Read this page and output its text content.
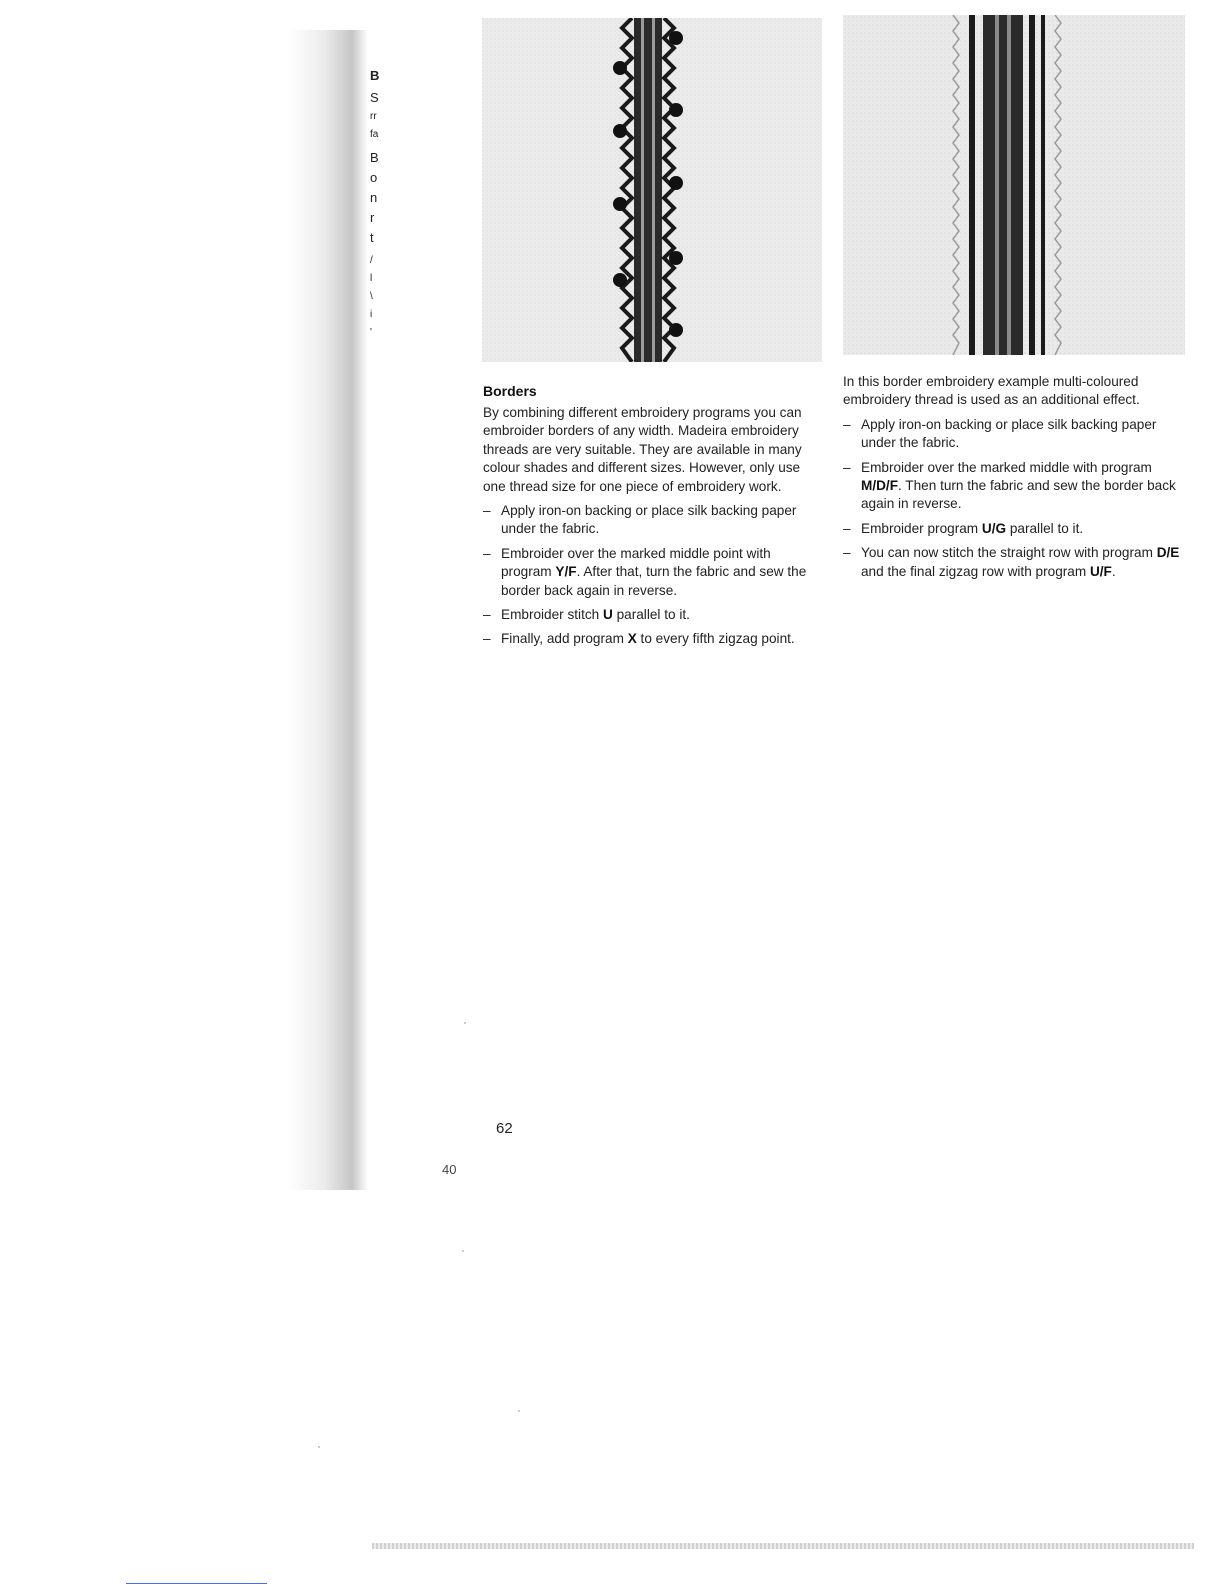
B
S
rr
fa
B
o
n
r
t
/
l
\
i
'
Borders

By combining different embroidery programs you can embroider borders of any width. Madeira embroidery threads are very suitable. They are available in many colour shades and different sizes. However, only use one thread size for one piece of embroidery work.

– Apply iron-on backing or place silk backing paper under the fabric.
– Embroider over the marked middle point with program Y/F. After that, turn the fabric and sew the border back again in reverse.
– Embroider stitch U parallel to it.
– Finally, add program X to every fifth zigzag point.

In this border embroidery example multi-coloured embroidery thread is used as an additional effect.

– Apply iron-on backing or place silk backing paper under the fabric.
– Embroider over the marked middle with program M/D/F. Then turn the fabric and sew the border back again in reverse.
– Embroider program U/G parallel to it.
– You can now stitch the straight row with program D/E and the final zigzag row with program U/F.
62
40
